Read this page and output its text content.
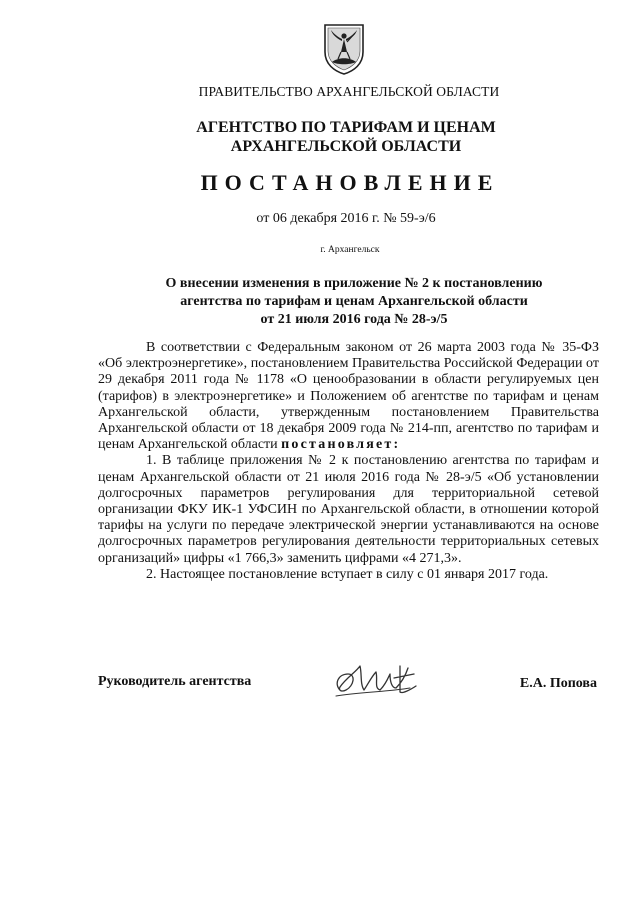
ПРАВИТЕЛЬСТВО АРХАНГЕЛЬСКОЙ ОБЛАСТИ
АГЕНТСТВО ПО ТАРИФАМ И ЦЕНАМ
АРХАНГЕЛЬСКОЙ ОБЛАСТИ
ПОСТАНОВЛЕНИЕ
от 06 декабря 2016 г. № 59-э/6
г. Архангельск
О внесении изменения в приложение № 2 к постановлению
агентства по тарифам и ценам Архангельской области
от 21 июля 2016 года № 28-э/5

В соответствии с Федеральным законом от 26 марта 2003 года № 35-ФЗ «Об электроэнергетике», постановлением Правительства Российской Федерации от 29 декабря 2011 года № 1178 «О ценообразовании в области регулируемых цен (тарифов) в электроэнергетике» и Положением об агентстве по тарифам и ценам Архангельской области, утвержденным постановлением Правительства Архангельской области от 18 декабря 2009 года № 214-пп, агентство по тарифам и ценам Архангельской области постановляет:

1. В таблице приложения № 2 к постановлению агентства по тарифам и ценам Архангельской области от 21 июля 2016 года № 28-э/5 «Об установлении долгосрочных параметров регулирования для территориальной сетевой организации ФКУ ИК-1 УФСИН по Архангельской области, в отношении которой тарифы на услуги по передаче электрической энергии устанавливаются на основе долгосрочных параметров регулирования деятельности территориальных сетевых организаций» цифры «1 766,3» заменить цифрами «4 271,3».

2. Настоящее постановление вступает в силу с 01 января 2017 года.

Руководитель агентства	Е.А. Попова
